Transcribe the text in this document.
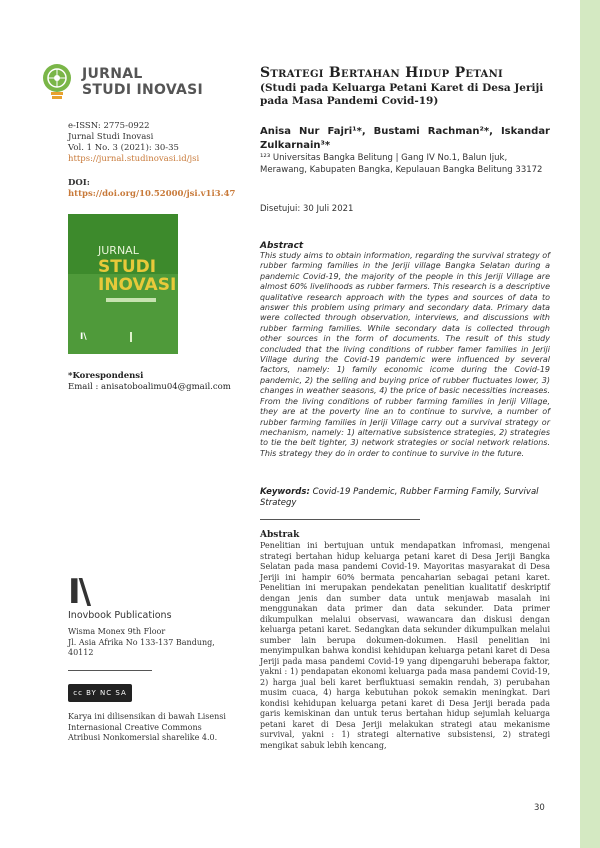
JURNAL
STUDI INOVASI
e-ISSN: 2775-0922
Jurnal Studi Inovasi
Vol. 1 No. 3 (2021): 30-35
https://jurnal.studinovasi.id/jsi
DOI:
https://doi.org/10.52000/jsi.v1i3.47
JURNAL
STUDI
INOVASI
I\
*Korespondensi
Email : anisatoboalimu04@gmail.com
I\
Inovbook Publications
Wisma Monex 9th Floor
Jl. Asia Afrika No 133-137 Bandung, 40112
cc BY NC SA
Karya ini dilisensikan di bawah Lisensi Internasional Creative Commons Atribusi Nonkomersial sharelike 4.0.
Strategi Bertahan Hidup Petani
(Studi pada Keluarga Petani Karet di Desa Jeriji pada Masa Pandemi Covid-19)
Anisa Nur Fajri¹*, Bustami Rachman²*, Iskandar Zulkarnain³*
¹²³ Universitas Bangka Belitung | Gang IV No.1, Balun Ijuk, Merawang, Kabupaten Bangka, Kepulauan Bangka Belitung 33172
Disetujui: 30 Juli 2021
Abstract
This study aims to obtain information, regarding the survival strategy of rubber farming families in the Jeriji village Bangka Selatan during a pandemic Covid-19, the majority of the people in this Jeriji Village are almost 60% livelihoods as rubber farmers. This research is a descriptive qualitative research approach with the types and sources of data to answer this problem using primary and secondary data. Primary data were collected through observation, interviews, and discussions with rubber farming families. While secondary data is collected through other sources in the form of documents. The result of this study concluded that the living conditions of rubber famer families in Jeriji Village during the Covid-19 pandemic were influenced by several factors, namely: 1) family economic icome during the Covid-19 pandemic, 2) the selling and buying price of rubber fluctuates lower, 3) changes in weather seasons, 4) the price of basic necessities increases. From the living conditions of rubber farming families in Jeriji Village, they are at the poverty line an to continue to survive, a number of rubber farming families in Jeriji Village carry out a survival strategy or mechanism, namely: 1) alternative subsistence strategies, 2) strategies to tie the belt tighter, 3) network strategies or social network relations. This strategy they do in order to continue to survive in the future.
Keywords: Covid-19 Pandemic, Rubber Farming Family, Survival Strategy
Abstrak
Penelitian ini bertujuan untuk mendapatkan infromasi, mengenai strategi bertahan hidup keluarga petani karet di Desa Jeriji Bangka Selatan pada masa pandemi Covid-19. Mayoritas masyarakat di Desa Jeriji ini hampir 60% bermata pencaharian sebagai petani karet. Penelitian ini merupakan pendekatan penelitian kualitatif deskriptif dengan jenis dan sumber data untuk menjawab masalah ini menggunakan data primer dan data sekunder. Data primer dikumpulkan melalui observasi, wawancara dan diskusi dengan keluarga petani karet. Sedangkan data sekunder dikumpulkan melalui sumber lain berupa dokumen-dokumen. Hasil penelitian ini menyimpulkan bahwa kondisi kehidupan keluarga petani karet di Desa Jeriji pada masa pandemi Covid-19 yang dipengaruhi beberapa faktor, yakni : 1) pendapatan ekonomi keluarga pada masa pandemi Covid-19, 2) harga jual beli karet berfluktuasi semakin rendah, 3) perubahan musim cuaca, 4) harga kebutuhan pokok semakin meningkat. Dari kondisi kehidupan keluarga petani karet di Desa Jeriji berada pada garis kemiskinan dan untuk terus bertahan hidup sejumlah keluarga petani karet di Desa Jeriji melakukan strategi atau mekanisme survival, yakni : 1) strategi alternative subsistensi, 2) strategi mengikat sabuk lebih kencang,
30
